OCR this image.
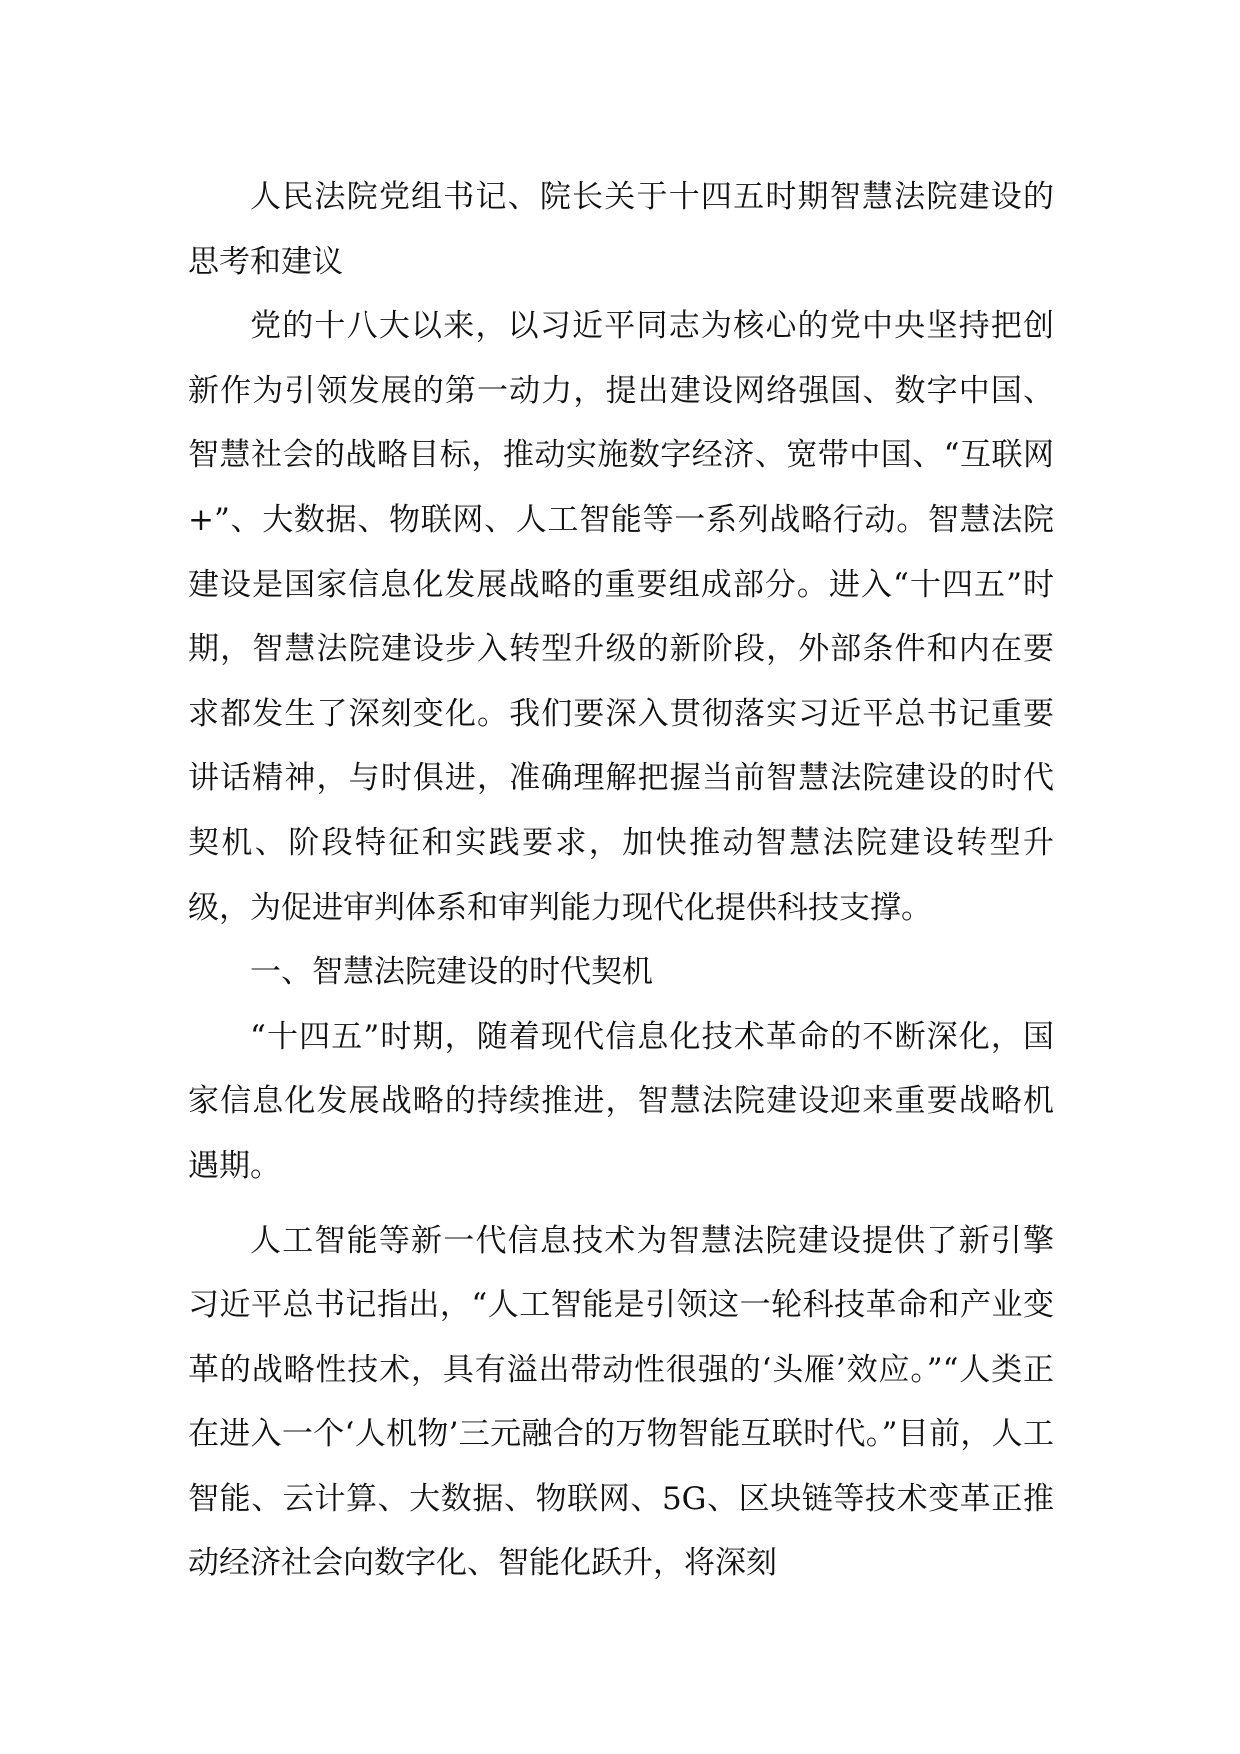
人民法院党组书记、院长关于十四五时期智慧法院建设的思考和建议

党的十八大以来，以习近平同志为核心的党中央坚持把创新作为引领发展的第一动力，提出建设网络强国、数字中国、智慧社会的战略目标，推动实施数字经济、宽带中国、“互联网+”、大数据、物联网、人工智能等一系列战略行动。智慧法院建设是国家信息化发展战略的重要组成部分。进入“十四五”时期，智慧法院建设步入转型升级的新阶段，外部条件和内在要求都发生了深刻变化。我们要深入贯彻落实习近平总书记重要讲话精神，与时俱进，准确理解把握当前智慧法院建设的时代契机、阶段特征和实践要求，加快推动智慧法院建设转型升级，为促进审判体系和审判能力现代化提供科技支撑。

一、智慧法院建设的时代契机

“十四五”时期，随着现代信息化技术革命的不断深化，国家信息化发展战略的持续推进，智慧法院建设迎来重要战略机遇期。

人工智能等新一代信息技术为智慧法院建设提供了新引擎习近平总书记指出，“人工智能是引领这一轮科技革命和产业变革的战略性技术，具有溢出带动性很强的‘头雁’效应。”“人类正在进入一个‘人机物’三元融合的万物智能互联时代。”目前，人工智能、云计算、大数据、物联网、5G、区块链等技术变革正推动经济社会向数字化、智能化跃升，将深刻
